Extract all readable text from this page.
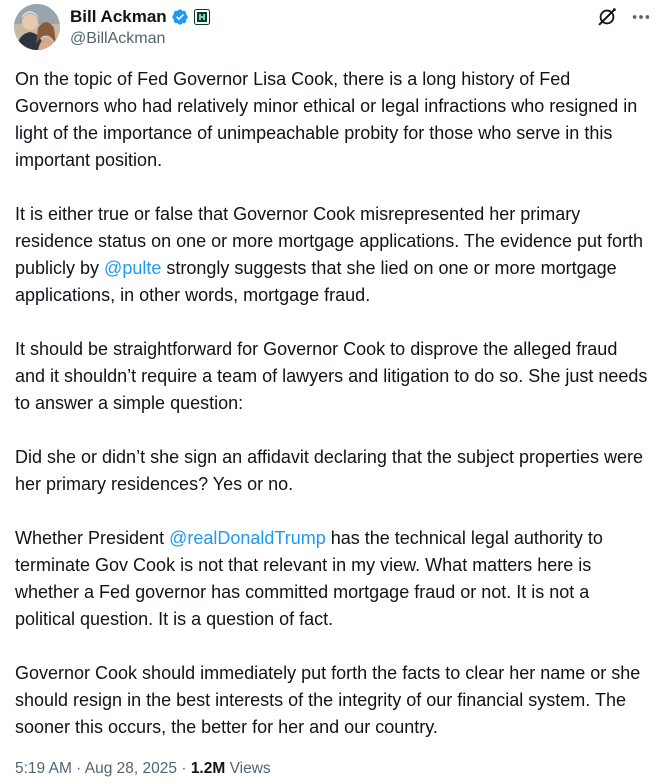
Bill Ackman
@BillAckman

On the topic of Fed Governor Lisa Cook, there is a long history of Fed Governors who had relatively minor ethical or legal infractions who resigned in light of the importance of unimpeachable probity for those who serve in this important position.

It is either true or false that Governor Cook misrepresented her primary residence status on one or more mortgage applications. The evidence put forth publicly by @pulte strongly suggests that she lied on one or more mortgage applications, in other words, mortgage fraud.

It should be straightforward for Governor Cook to disprove the alleged fraud and it shouldn’t require a team of lawyers and litigation to do so. She just needs to answer a simple question:

Did she or didn’t she sign an affidavit declaring that the subject properties were her primary residences? Yes or no.

Whether President @realDonaldTrump has the technical legal authority to terminate Gov Cook is not that relevant in my view. What matters here is whether a Fed governor has committed mortgage fraud or not. It is not a political question. It is a question of fact.

Governor Cook should immediately put forth the facts to clear her name or she should resign in the best interests of the integrity of our financial system. The sooner this occurs, the better for her and our country.

5:19 AM · Aug 28, 2025 · 1.2M Views
